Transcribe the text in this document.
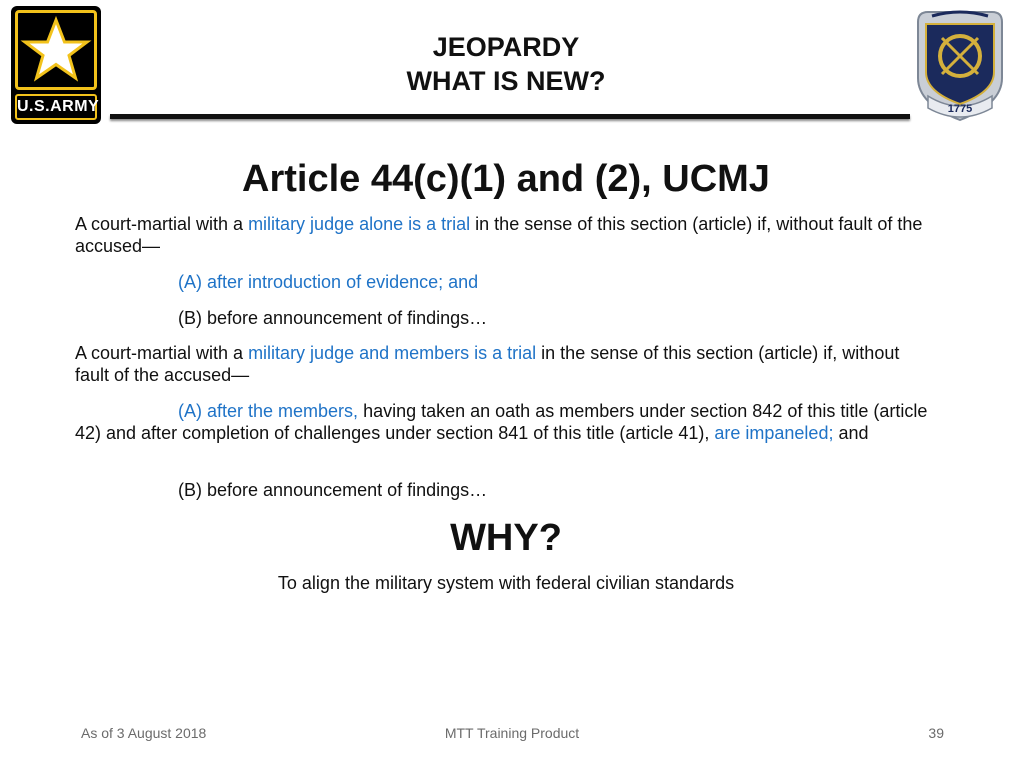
U.S.ARMY
JEOPARDY
WHAT IS NEW?
1775
Article 44(c)(1) and (2), UCMJ
A court-martial with a military judge alone is a trial in the sense of this section (article) if, without fault of the accused—
(A) after introduction of evidence; and
(B) before announcement of findings…
A court-martial with a military judge and members is a trial in the sense of this section (article) if, without fault of the accused—
(A) after the members, having taken an oath as members under section 842 of this title (article 42) and after completion of challenges under section 841 of this title (article 41), are impaneled; and
(B) before announcement of findings…
WHY?
To align the military system with federal civilian standards
As of 3 August 2018	MTT Training Product	39
